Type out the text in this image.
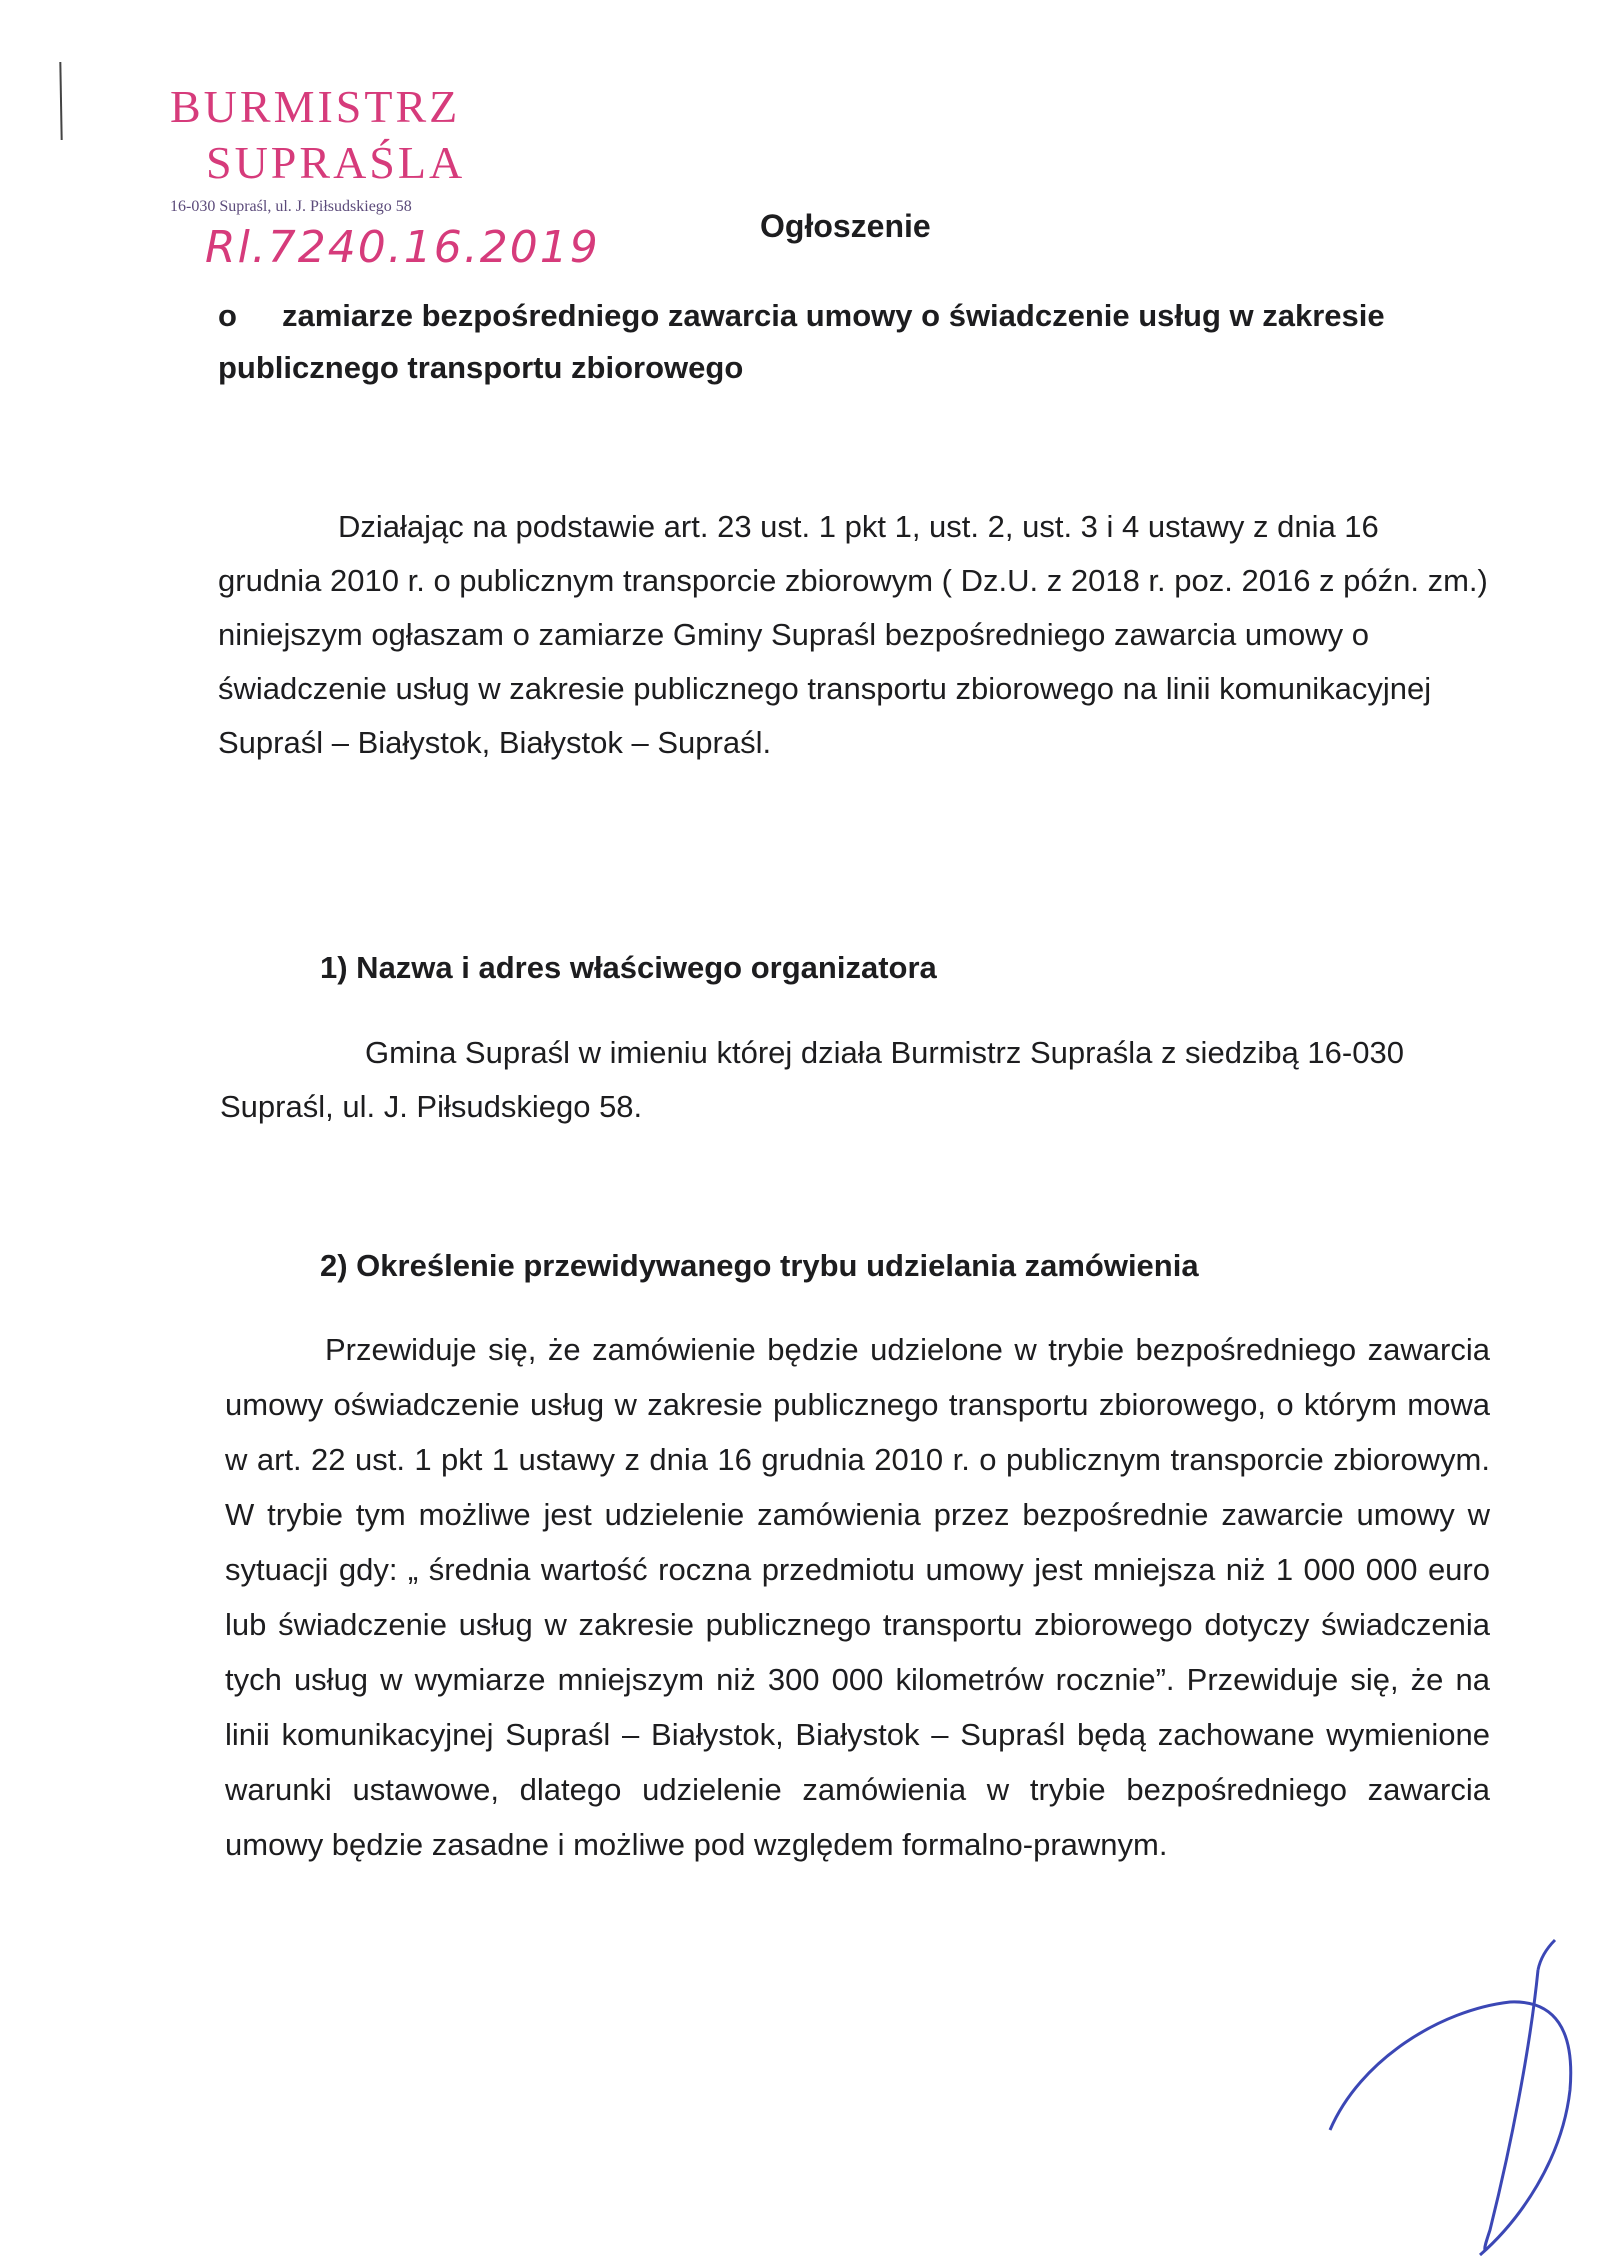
BURMISTRZ
SUPRAŚLA
16-030 Supraśl, ul. J. Piłsudskiego 58
Rl.7240.16.2019	Ogłoszenie
o zamiarze bezpośredniego zawarcia umowy o świadczenie usług w zakresie publicznego transportu zbiorowego
Działając na podstawie art. 23 ust. 1 pkt 1, ust. 2, ust. 3 i 4 ustawy z dnia 16 grudnia 2010 r. o publicznym transporcie zbiorowym ( Dz.U. z 2018 r. poz. 2016 z późn. zm.) niniejszym ogłaszam o zamiarze Gminy Supraśl bezpośredniego zawarcia umowy o świadczenie usług w zakresie publicznego transportu zbiorowego na linii komunikacyjnej Supraśl – Białystok, Białystok – Supraśl.
1) Nazwa i adres właściwego organizatora
Gmina Supraśl w imieniu której działa Burmistrz Supraśla z siedzibą 16-030 Supraśl, ul. J. Piłsudskiego 58.
2) Określenie przewidywanego trybu udzielania zamówienia
Przewiduje się, że zamówienie będzie udzielone w trybie bezpośredniego zawarcia umowy oświadczenie usług w zakresie publicznego transportu zbiorowego, o którym mowa w art. 22 ust. 1 pkt 1 ustawy z dnia 16 grudnia 2010 r. o publicznym transporcie zbiorowym. W trybie tym możliwe jest udzielenie zamówienia przez bezpośrednie zawarcie umowy w sytuacji gdy: „ średnia wartość roczna przedmiotu umowy jest mniejsza niż 1 000 000 euro lub świadczenie usług w zakresie publicznego transportu zbiorowego dotyczy świadczenia tych usług w wymiarze mniejszym niż 300 000 kilometrów rocznie”. Przewiduje się, że na linii komunikacyjnej Supraśl – Białystok, Białystok – Supraśl będą zachowane wymienione warunki ustawowe, dlatego udzielenie zamówienia w trybie bezpośredniego zawarcia umowy będzie zasadne i możliwe pod względem formalno-prawnym.
